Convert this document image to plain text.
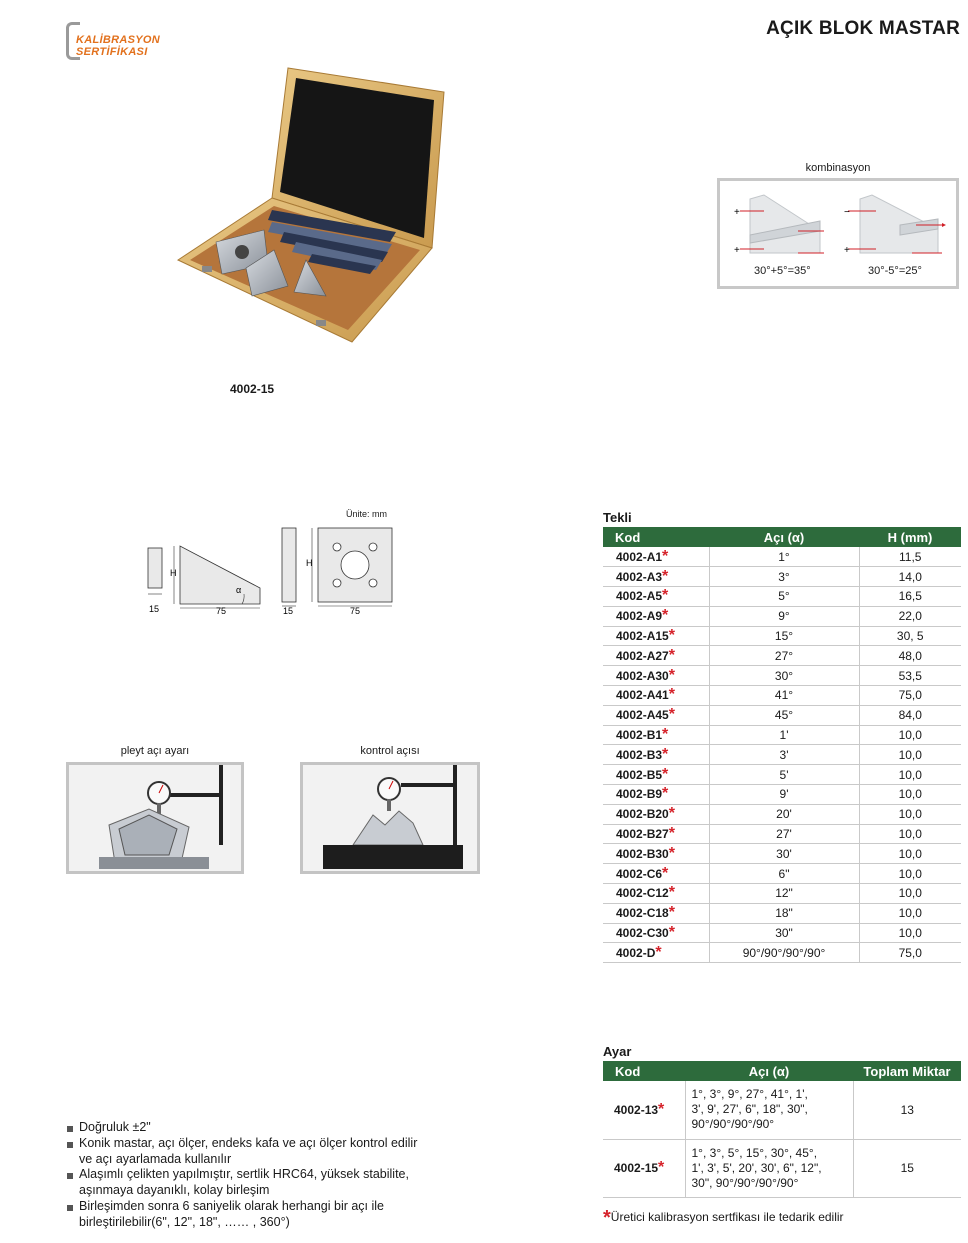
KALİBRASYON
SERTİFİKASI
AÇIK BLOK MASTAR
4002-15
kombinasyon
+
+
−
+
30°+5°=35°	30°-5°=25°
Ünite: mm
15
H
75
α
15
H
75
pleyt açı ayarı	kontrol açısı
Tekli
Kod	Açı (α)	H (mm)
4002-A1*	1°	11,5
4002-A3*	3°	14,0
4002-A5*	5°	16,5
4002-A9*	9°	22,0
4002-A15*	15°	30, 5
4002-A27*	27°	48,0
4002-A30*	30°	53,5
4002-A41*	41°	75,0
4002-A45*	45°	84,0
4002-B1*	1'	10,0
4002-B3*	3'	10,0
4002-B5*	5'	10,0
4002-B9*	9'	10,0
4002-B20*	20'	10,0
4002-B27*	27'	10,0
4002-B30*	30'	10,0
4002-C6*	6"	10,0
4002-C12*	12"	10,0
4002-C18*	18"	10,0
4002-C30*	30"	10,0
4002-D*	90°/90°/90°/90°	75,0
Ayar
Kod	Açı (α)	Toplam Miktar
4002-13*	1°, 3°, 9°, 27°, 41°, 1',
3', 9', 27', 6", 18", 30",
90°/90°/90°/90°	13
4002-15*	1°, 3°, 5°, 15°, 30°, 45°,
1', 3', 5', 20', 30', 6", 12",
30", 90°/90°/90°/90°	15
*Üretici kalibrasyon sertfikası ile tedarik edilir
Doğruluk ±2"
Konik mastar, açı ölçer, endeks kafa ve açı ölçer kontrol edilir ve açı ayarlamada kullanılır
Alaşımlı çelikten yapılmıştır, sertlik HRC64, yüksek stabilite, aşınmaya dayanıklı, kolay birleşim
Birleşimden sonra 6 saniyelik olarak herhangi bir açı ile birleştirilebilir(6", 12", 18", …… , 360°)
